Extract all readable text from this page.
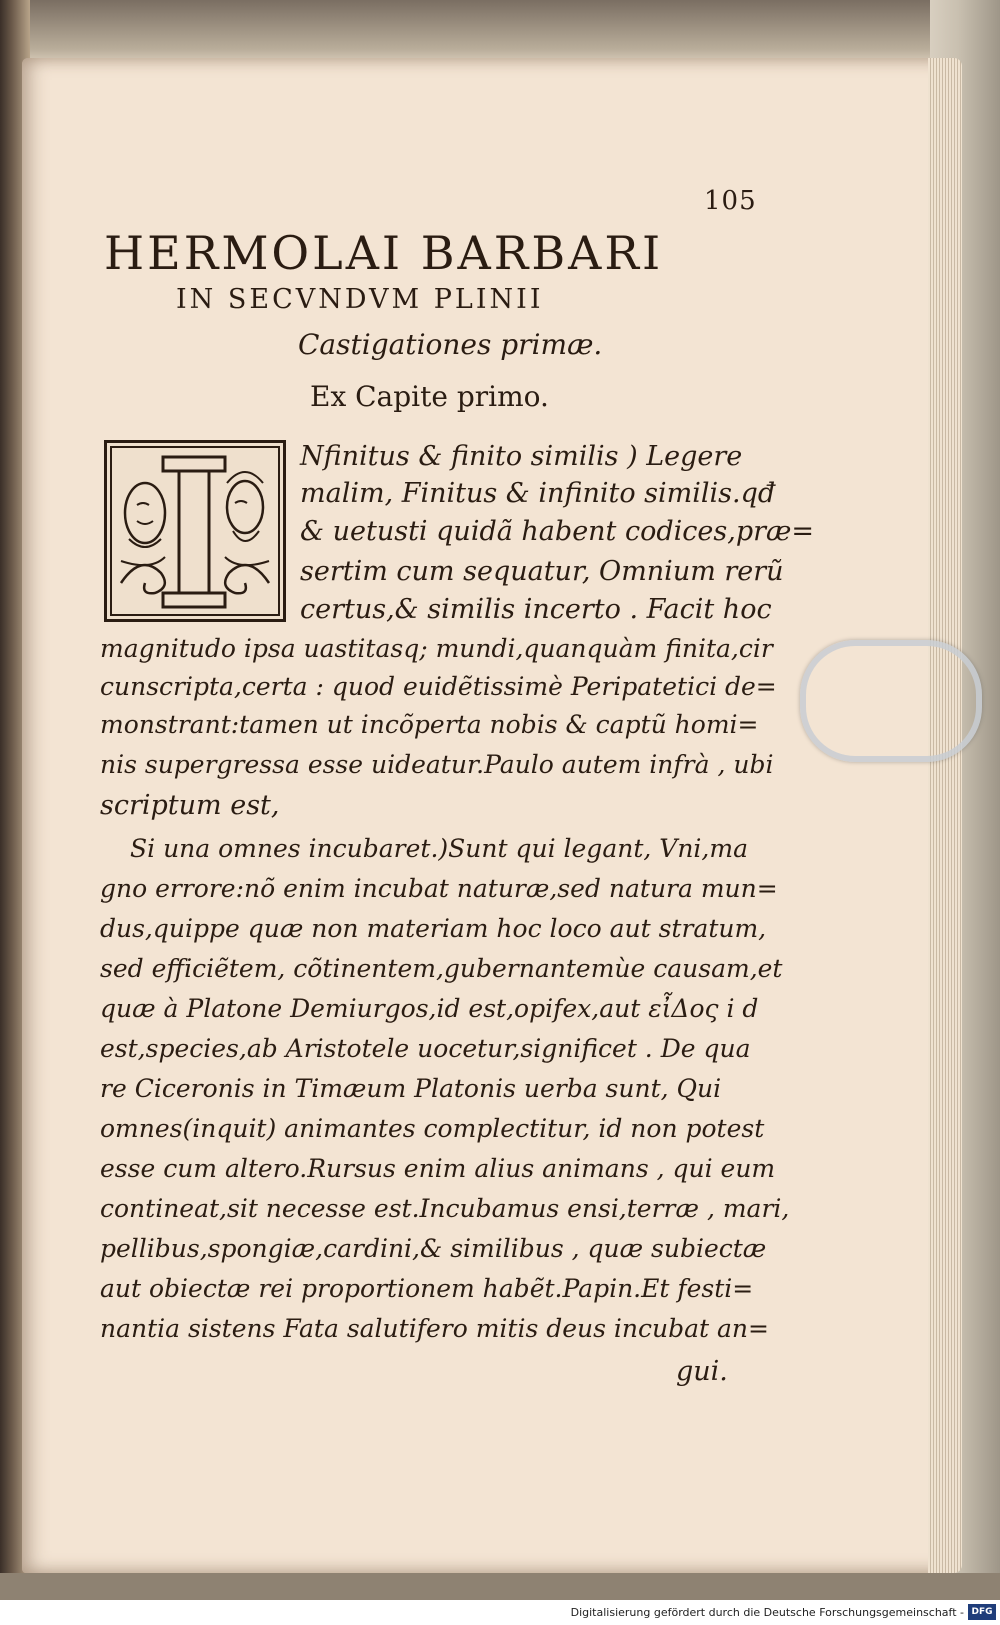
105
HERMOLAI BARBARI
IN SECVNDVM PLINII
Castigationes primæ.
Ex Capite primo.
Nfinitus & finito similis ) Legere
malim, Finitus & infinito similis.qđ
& uetusti quidã habent codices,præ=
sertim cum sequatur, Omnium rerũ
certus,& similis incerto . Facit hoc
magnitudo ipsa uastitasq; mundi,quanquàm finita,cir
cunscripta,certa : quod euidẽtissimè Peripatetici de=
monstrant:tamen ut incõperta nobis & captũ homi=
nis supergressa esse uideatur.Paulo autem infrà , ubi
scriptum est,
Si una omnes incubaret.)Sunt qui legant, Vni,ma
gno errore:nõ enim incubat naturæ,sed natura mun=
dus,quippe quæ non materiam hoc loco aut stratum,
sed efficiẽtem, cõtinentem,gubernantemùe causam,et
quæ à Platone Demiurgos,id est,opifex,aut εἶΔος i d
est,species,ab Aristotele uocetur,significet . De qua
re Ciceronis in Timæum Platonis uerba sunt, Qui
omnes(inquit) animantes complectitur, id non potest
esse cum altero.Rursus enim alius animans , qui eum
contineat,sit necesse est.Incubamus ensi,terræ , mari,
pellibus,spongiæ,cardini,& similibus , quæ subiectæ
aut obiectæ rei proportionem habẽt.Papin.Et festi=
nantia sistens Fata salutifero mitis deus incubat an=
gui.
Digitalisierung gefördert durch die Deutsche Forschungsgemeinschaft - DFG
